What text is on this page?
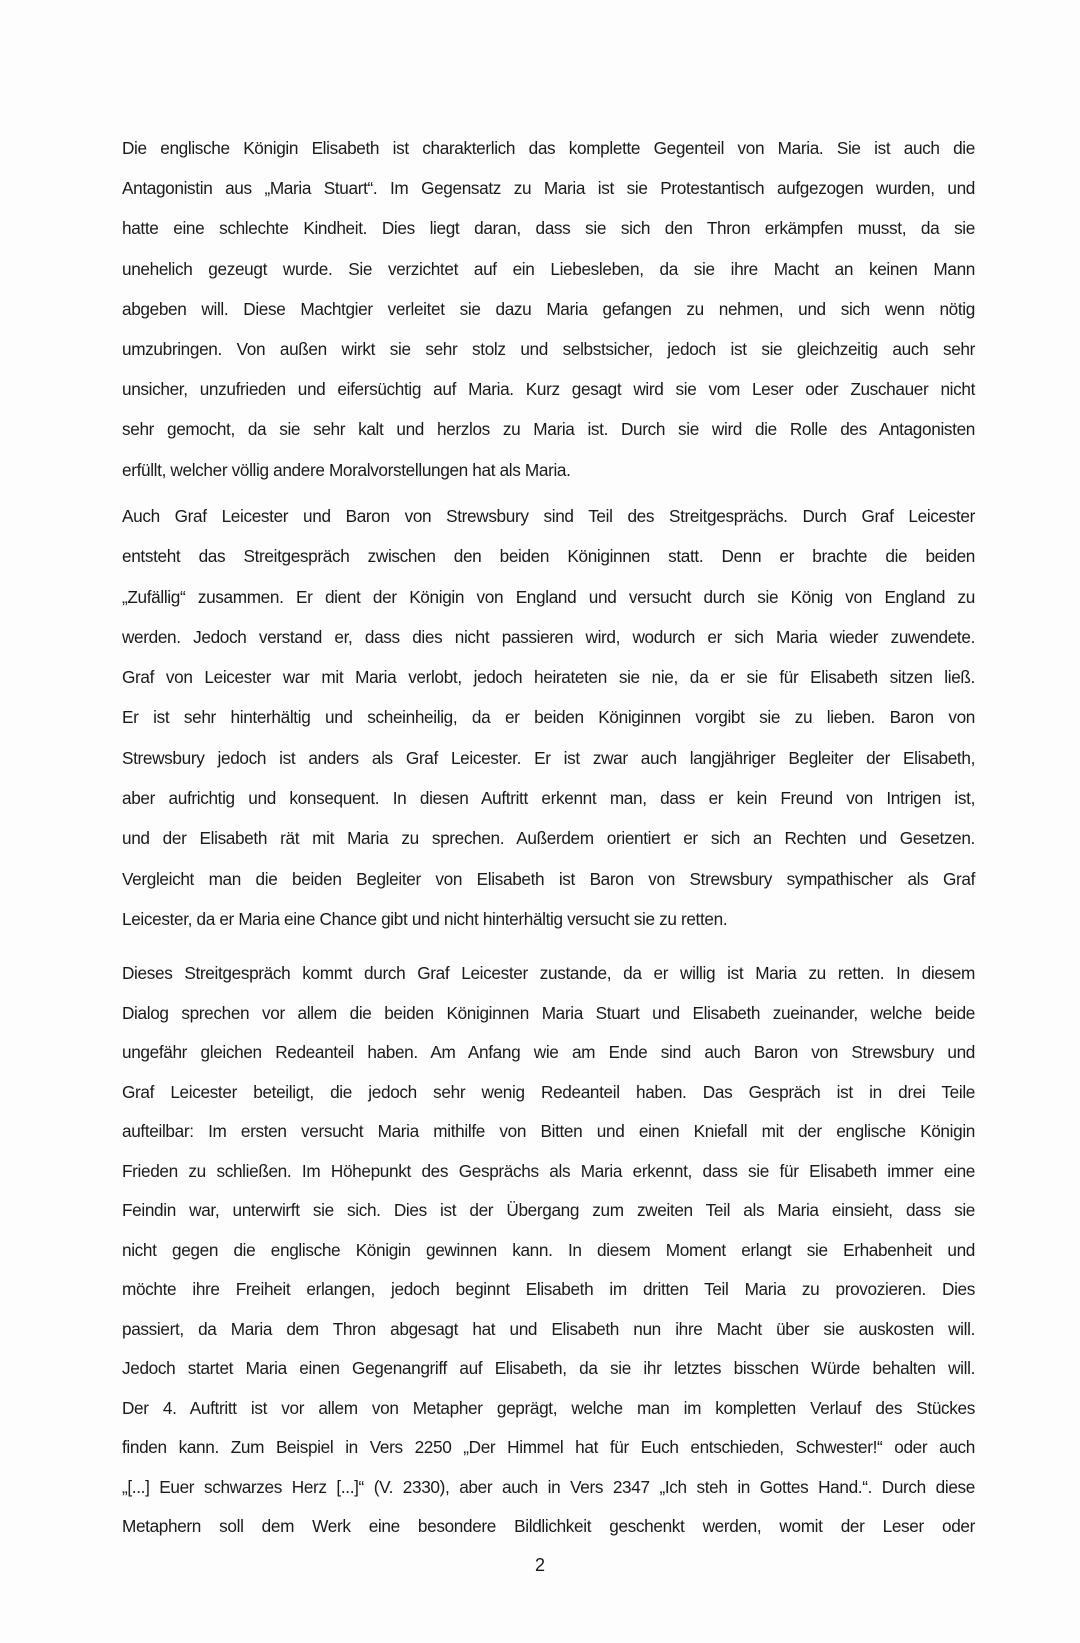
Die englische Königin Elisabeth ist charakterlich das komplette Gegenteil von Maria. Sie ist auch die
Antagonistin aus „Maria Stuart“. Im Gegensatz zu Maria ist sie Protestantisch aufgezogen wurden, und
hatte eine schlechte Kindheit. Dies liegt daran, dass sie sich den Thron erkämpfen musst, da sie
unehelich gezeugt wurde. Sie verzichtet auf ein Liebesleben, da sie ihre Macht an keinen Mann
abgeben will. Diese Machtgier verleitet sie dazu Maria gefangen zu nehmen, und sich wenn nötig
umzubringen. Von außen wirkt sie sehr stolz und selbstsicher, jedoch ist sie gleichzeitig auch sehr
unsicher, unzufrieden und eifersüchtig auf Maria. Kurz gesagt wird sie vom Leser oder Zuschauer nicht
sehr gemocht, da sie sehr kalt und herzlos zu Maria ist. Durch sie wird die Rolle des Antagonisten
erfüllt, welcher völlig andere Moralvorstellungen hat als Maria.
Auch Graf Leicester und Baron von Strewsbury sind Teil des Streitgesprächs. Durch Graf Leicester
entsteht das Streitgespräch zwischen den beiden Königinnen statt. Denn er brachte die beiden
„Zufällig“ zusammen. Er dient der Königin von England und versucht durch sie König von England zu
werden. Jedoch verstand er, dass dies nicht passieren wird, wodurch er sich Maria wieder zuwendete.
Graf von Leicester war mit Maria verlobt, jedoch heirateten sie nie, da er sie für Elisabeth sitzen ließ.
Er ist sehr hinterhältig und scheinheilig, da er beiden Königinnen vorgibt sie zu lieben. Baron von
Strewsbury jedoch ist anders als Graf Leicester. Er ist zwar auch langjähriger Begleiter der Elisabeth,
aber aufrichtig und konsequent. In diesen Auftritt erkennt man, dass er kein Freund von Intrigen ist,
und der Elisabeth rät mit Maria zu sprechen. Außerdem orientiert er sich an Rechten und Gesetzen.
Vergleicht man die beiden Begleiter von Elisabeth ist Baron von Strewsbury sympathischer als Graf
Leicester, da er Maria eine Chance gibt und nicht hinterhältig versucht sie zu retten.
Dieses Streitgespräch kommt durch Graf Leicester zustande, da er willig ist Maria zu retten. In diesem
Dialog sprechen vor allem die beiden Königinnen Maria Stuart und Elisabeth zueinander, welche beide
ungefähr gleichen Redeanteil haben. Am Anfang wie am Ende sind auch Baron von Strewsbury und
Graf Leicester beteiligt, die jedoch sehr wenig Redeanteil haben. Das Gespräch ist in drei Teile
aufteilbar: Im ersten versucht Maria mithilfe von Bitten und einen Kniefall mit der englische Königin
Frieden zu schließen. Im Höhepunkt des Gesprächs als Maria erkennt, dass sie für Elisabeth immer eine
Feindin war, unterwirft sie sich. Dies ist der Übergang zum zweiten Teil als Maria einsieht, dass sie
nicht gegen die englische Königin gewinnen kann. In diesem Moment erlangt sie Erhabenheit und
möchte ihre Freiheit erlangen, jedoch beginnt Elisabeth im dritten Teil Maria zu provozieren. Dies
passiert, da Maria dem Thron abgesagt hat und Elisabeth nun ihre Macht über sie auskosten will.
Jedoch startet Maria einen Gegenangriff auf Elisabeth, da sie ihr letztes bisschen Würde behalten will.
Der 4. Auftritt ist vor allem von Metapher geprägt, welche man im kompletten Verlauf des Stückes
finden kann. Zum Beispiel in Vers 2250 „Der Himmel hat für Euch entschieden, Schwester!“ oder auch
„[...] Euer schwarzes Herz [...]“ (V. 2330), aber auch in Vers 2347 „Ich steh in Gottes Hand.“. Durch diese
Metaphern soll dem Werk eine besondere Bildlichkeit geschenkt werden, womit der Leser oder
2
